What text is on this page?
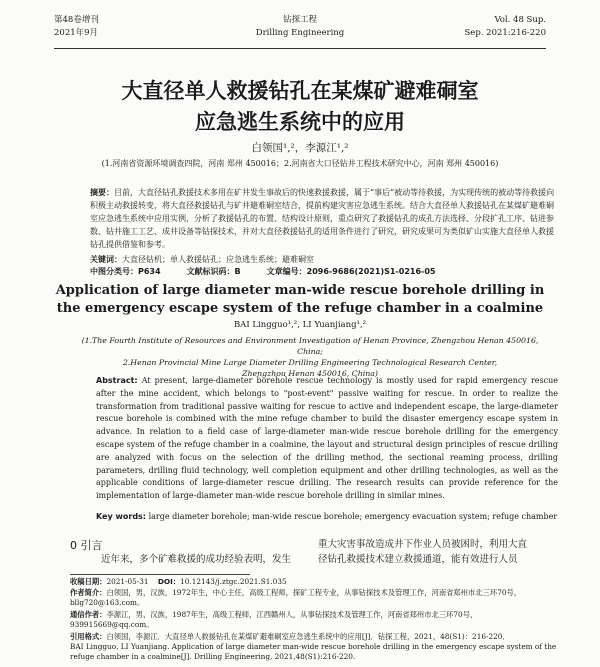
第48卷增刊
2021年9月
钻探工程
Drilling Engineering
Vol. 48 Sup.
Sep. 2021:216-220
大直径单人救援钻孔在某煤矿避难硐室
应急逃生系统中的应用
白领国¹,²，李源江¹,²
(1.河南省资源环境调查四院，河南 郑州 450016；2.河南省大口径钻井工程技术研究中心，河南 郑州 450016)
摘要：目前，大直径钻孔救援技术多用在矿井发生事故后的快速救援救援，属于“事后”被动等待救援，为实现传统的被动等待救援向积极主动救援转变，将大直径救援钻孔与矿井避难硐室结合，提前构建灾害应急逃生系统。结合大直径单人救援钻孔在某煤矿避难硐室应急逃生系统中应用实例，分析了救援钻孔的布置、结构设计原则，重点研究了救援钻孔的成孔方法选择、分段扩孔工序、钻进参数、钻井施工工艺、成井设备等钻探技术，并对大直径救援钻孔的适用条件进行了研究，研究成果可为类似矿山实施大直径单人救援钻孔提供借鉴和参考。
关键词：大直径钻机；单人救援钻孔；应急逃生系统；避难硐室
中图分类号：P634	文献标识码：B	文章编号：2096-9686(2021)S1-0216-05
Application of large diameter man-wide rescue borehole drilling in the emergency escape system of the refuge chamber in a coalmine
BAI Lingguo¹,², LI Yuanjiang¹,²
(1.The Fourth Institute of Resources and Environment Investigation of Henan Province, Zhengzhou Henan 450016, China;
2.Henan Provincial Mine Large Diameter Drilling Engineering Technological Research Center,
Zhengzhou Henan 450016, China)
Abstract: At present, large-diameter borehole rescue technology is mostly used for rapid emergency rescue after the mine accident, which belongs to "post-event" passive waiting for rescue. In order to realize the transformation from traditional passive waiting for rescue to active and independent escape, the large-diameter rescue borehole is combined with the mine refuge chamber to build the disaster emergency escape system in advance. In relation to a field case of large-diameter man-wide rescue borehole drilling for the emergency escape system of the refuge chamber in a coalmine, the layout and structural design principles of rescue drilling are analyzed with focus on the selection of the drilling method, the sectional reaming process, drilling parameters, drilling fluid technology, well completion equipment and other drilling technologies, as well as the applicable conditions of large-diameter rescue drilling. The research results can provide reference for the implementation of large-diameter man-wide rescue borehole drilling in similar mines.
Key words: large diameter borehole; man-wide rescue borehole; emergency evacuation system; refuge chamber
0 引言
近年来，多个矿难救援的成功经验表明，发生
重大灾害事故造成井下作业人员被困时，利用大直
径钻孔救援技术建立救援通道，能有效进行人员
收稿日期：2021-05-31 DOI：10.12143/j.ztgc.2021.S1.035
作者简介：白领国，男，汉族，1972年生，中心主任，高级工程师，探矿工程专业，从事钻探技术及管理工作，河南省郑州市北三环70号，bllg720@163.com。
通信作者：李源江，男，汉族，1987年生，高级工程师，江西赣州人，从事钻探技术及管理工作，河南省郑州市北三环70号，939915669@qq.com。
引用格式：白领国，李源江．大直径单人救援钻孔在某煤矿避难硐室应急逃生系统中的应用[J]．钻探工程，2021，48(S1)：216-220．
BAI Lingguo, LI Yuanjiang. Application of large diameter man-wide rescue borehole drilling in the emergency escape system of the refuge chamber in a coalmine[J]. Drilling Engineering, 2021,48(S1):216-220.
